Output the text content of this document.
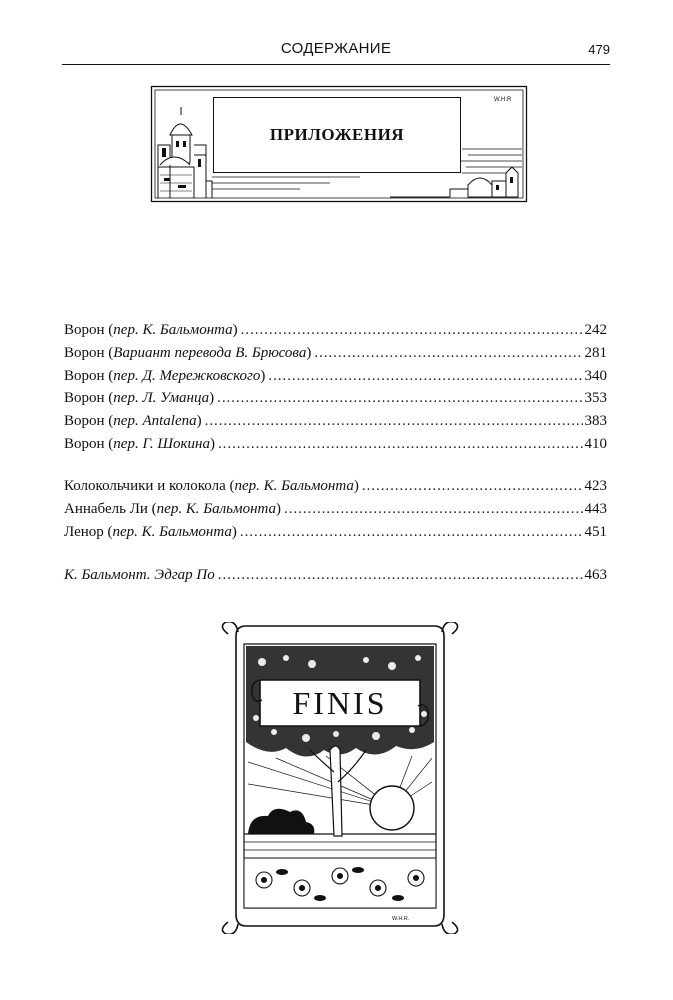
СОДЕРЖАНИЕ	479
W.H.R
ПРИЛОЖЕНИЯ
Ворон (пер. К. Бальмонта) . . .	242
Ворон (Вариант перевода В. Брюсова) . . .	281
Ворон (пер. Д. Мережковского) . . .	340
Ворон (пер. Л. Уманца) . . .	353
Ворон (пер. Antalena) . . .	383
Ворон (пер. Г. Шокина) . . .	410
Колокольчики и колокола (пер. К. Бальмонта) . . .	423
Аннабель Ли (пер. К. Бальмонта) . . .	443
Ленор (пер. К. Бальмонта) . . .	451
К. Бальмонт. Эдгар По . . .	463
FINIS
W.H.R.
